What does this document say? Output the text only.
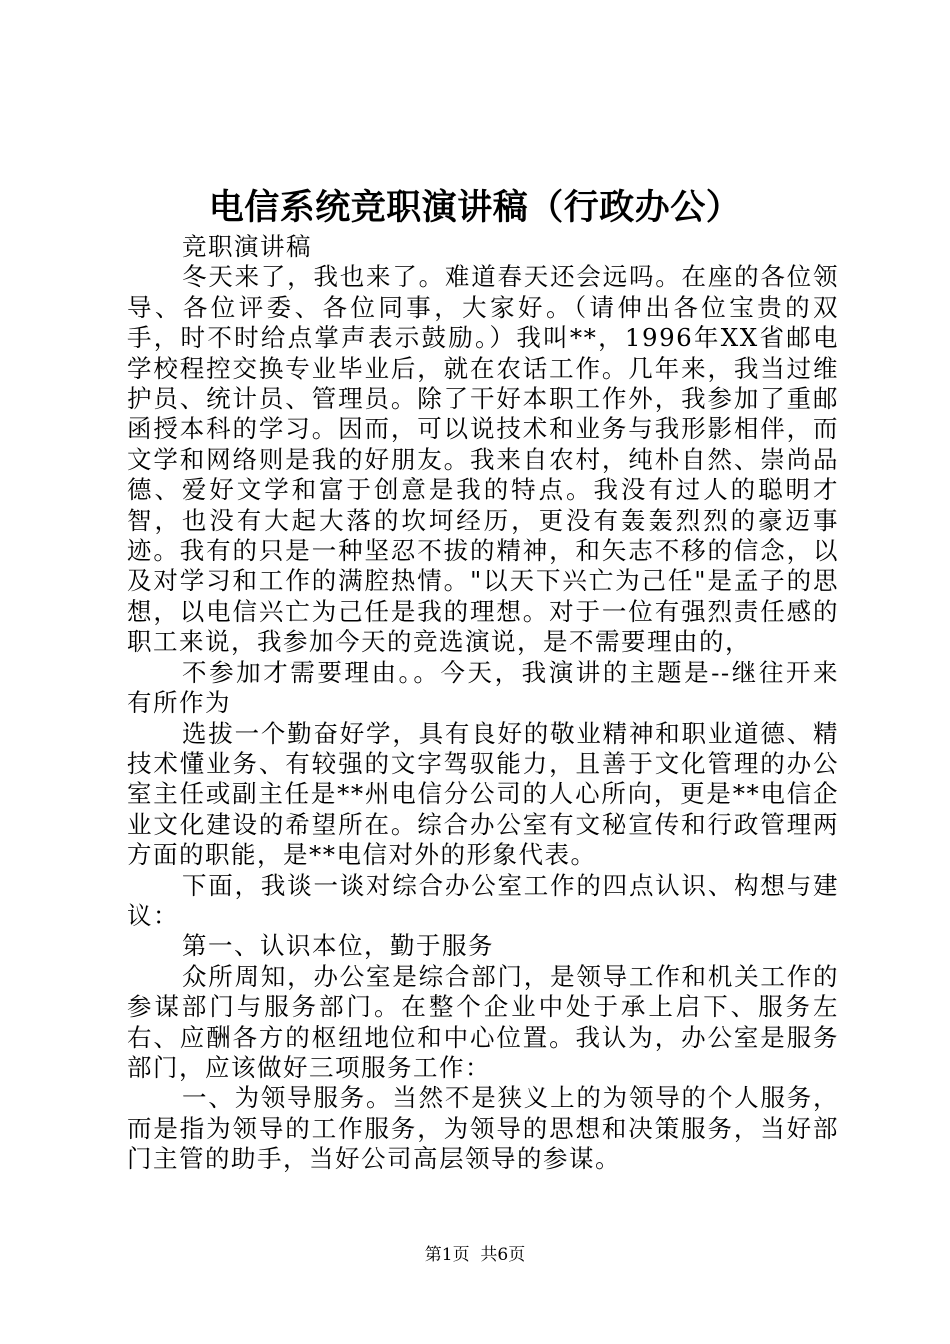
电信系统竞职演讲稿（行政办公）

竞职演讲稿

冬天来了，我也来了。难道春天还会远吗。在座的各位领导、各位评委、各位同事，大家好。（请伸出各位宝贵的双手，时不时给点掌声表示鼓励。）我叫**，1996年XX省邮电学校程控交换专业毕业后，就在农话工作。几年来，我当过维护员、统计员、管理员。除了干好本职工作外，我参加了重邮函授本科的学习。因而，可以说技术和业务与我形影相伴，而文学和网络则是我的好朋友。我来自农村，纯朴自然、崇尚品德、爱好文学和富于创意是我的特点。我没有过人的聪明才智，也没有大起大落的坎坷经历，更没有轰轰烈烈的豪迈事迹。我有的只是一种坚忍不拔的精神，和矢志不移的信念，以及对学习和工作的满腔热情。"以天下兴亡为己任"是孟子的思想，以电信兴亡为己任是我的理想。对于一位有强烈责任感的职工来说，我参加今天的竞选演说，是不需要理由的，

不参加才需要理由。。今天，我演讲的主题是--继往开来有所作为

选拔一个勤奋好学，具有良好的敬业精神和职业道德、精技术懂业务、有较强的文字驾驭能力，且善于文化管理的办公室主任或副主任是**州电信分公司的人心所向，更是**电信企业文化建设的希望所在。综合办公室有文秘宣传和行政管理两方面的职能，是**电信对外的形象代表。

下面，我谈一谈对综合办公室工作的四点认识、构想与建议：

第一、认识本位，勤于服务

众所周知，办公室是综合部门，是领导工作和机关工作的参谋部门与服务部门。在整个企业中处于承上启下、服务左右、应酬各方的枢纽地位和中心位置。我认为，办公室是服务部门，应该做好三项服务工作：

一、为领导服务。当然不是狭义上的为领导的个人服务，而是指为领导的工作服务，为领导的思想和决策服务，当好部门主管的助手，当好公司高层领导的参谋。

第1页  共6页
